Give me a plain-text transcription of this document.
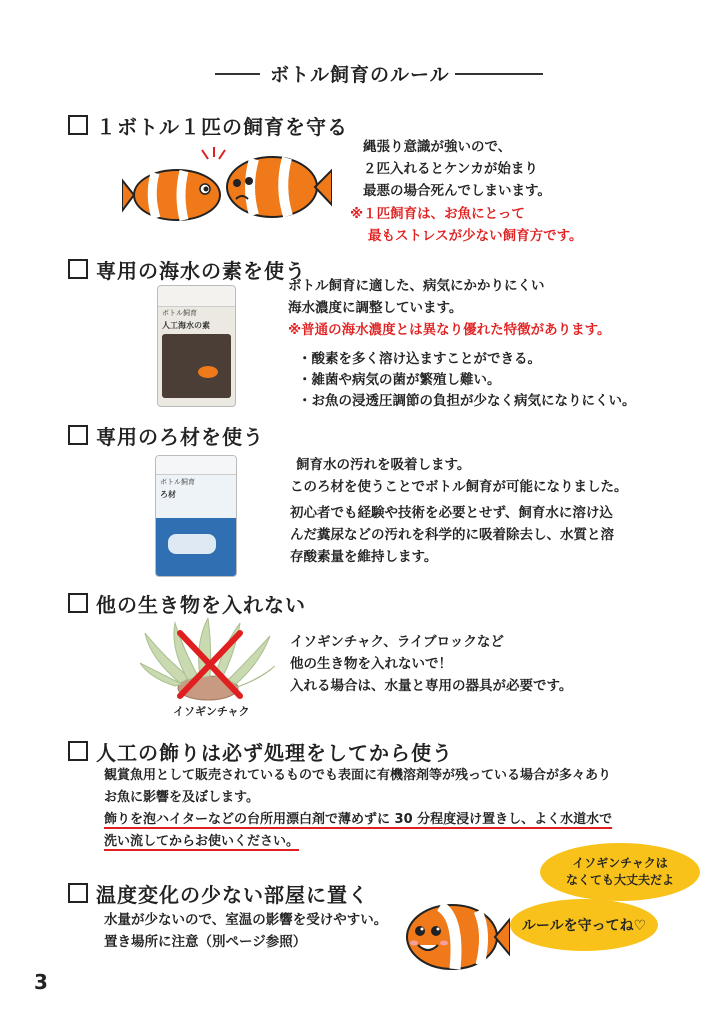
ボトル飼育のルール
１ボトル１匹の飼育を守る
縄張り意識が強いので、
２匹入れるとケンカが始まり
最悪の場合死んでしまいます。
※１匹飼育は、お魚にとって
最もストレスが少ない飼育方です。
専用の海水の素を使う
ボトル飼育
人工海水の素
ボトル飼育に適した、病気にかかりにくい
海水濃度に調整しています。
※普通の海水濃度とは異なり優れた特徴があります。
・ 酸素を多く溶け込ますことができる。
・ 雑菌や病気の菌が繁殖し難い。
・ お魚の浸透圧調節の負担が少なく病気になりにくい。
専用のろ材を使う
ボトル飼育
ろ材
飼育水の汚れを吸着します。
このろ材を使うことでボトル飼育が可能になりました。
初心者でも経験や技術を必要とせず、飼育水に溶け込
んだ糞尿などの汚れを科学的に吸着除去し、水質と溶
存酸素量を維持します。
他の生き物を入れない
イソギンチャク
イソギンチャク、ライブロックなど
他の生き物を入れないで！
入れる場合は、水量と専用の器具が必要です。
人工の飾りは必ず処理をしてから使う
観賞魚用として販売されているものでも表面に有機溶剤等が残っている場合が多々あり
お魚に影響を及ぼします。
飾りを泡ハイターなどの台所用漂白剤で薄めずに 30 分程度浸け置きし、よく水道水で
洗い流してからお使いください。
イソギンチャクは
なくても大丈夫だよ
温度変化の少ない部屋に置く
水量が少ないので、室温の影響を受けやすい。
置き場所に注意（別ページ参照）
ルールを守ってね♡
3
